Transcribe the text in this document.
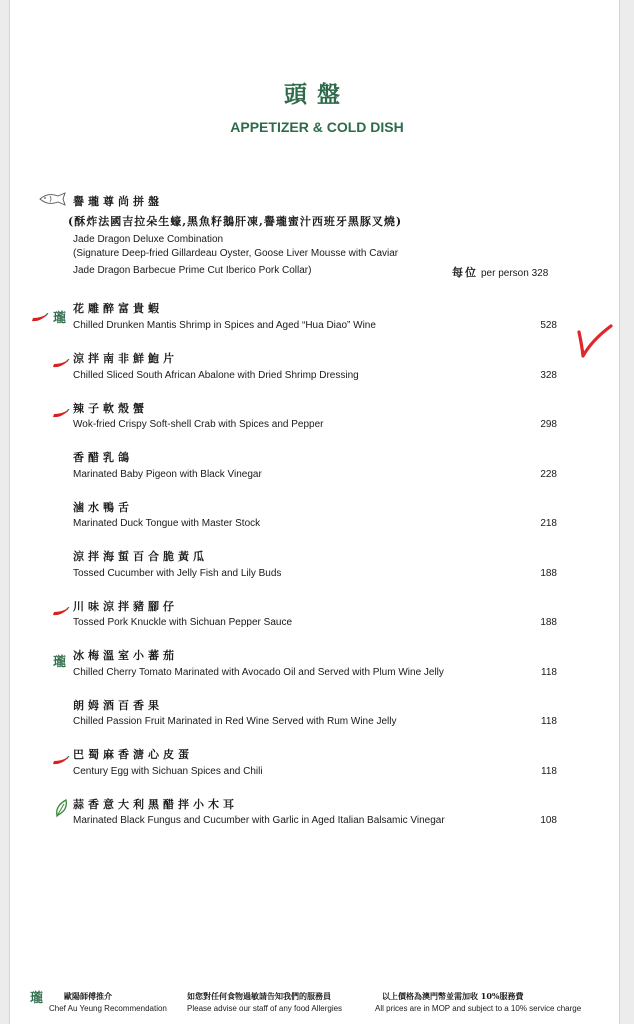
頭盤
APPETIZER & COLD DISH
譽瓏尊尚拼盤
(酥炸法國吉拉朵生蠔,黑魚籽鵝肝凍,譽瓏蜜汁西班牙黑豚叉燒)
Jade Dragon Deluxe Combination
(Signature Deep-fried Gillardeau Oyster, Goose Liver Mousse with Caviar
Jade Dragon Barbecue Prime Cut Iberico Pork Collar)	每位 per person 328
瓏
花雕醉富貴蝦
Chilled Drunken Mantis Shrimp in Spices and Aged “Hua Diao” Wine	528
涼拌南非鮮鮑片
Chilled Sliced South African Abalone with Dried Shrimp Dressing	328
辣子軟殼蟹
Wok-fried Crispy Soft-shell Crab with Spices and Pepper	298
香醋乳鴿
Marinated Baby Pigeon with Black Vinegar	228
滷水鴨舌
Marinated Duck Tongue with Master Stock	218
涼拌海蜇百合脆黃瓜
Tossed Cucumber with Jelly Fish and Lily Buds	188
川味涼拌豬腳仔
Tossed Pork Knuckle with Sichuan Pepper Sauce	188
瓏 冰梅溫室小蕃茄
Chilled Cherry Tomato Marinated with Avocado Oil and Served with Plum Wine Jelly	118
朗姆酒百香果
Chilled Passion Fruit Marinated in Red Wine Served with Rum Wine Jelly	118
巴蜀麻香溏心皮蛋
Century Egg with Sichuan Spices and Chili	118
蒜香意大利黑醋拌小木耳
Marinated Black Fungus and Cucumber with Garlic in Aged Italian Balsamic Vinegar	108
瓏	歐陽師傅推介
Chef Au Yeung Recommendation
如您對任何食物過敏請告知我們的服務員
Please advise our staff of any food Allergies
以上價格為澳門幣並需加收 10%服務費
All prices are in MOP and subject to a 10% service charge
